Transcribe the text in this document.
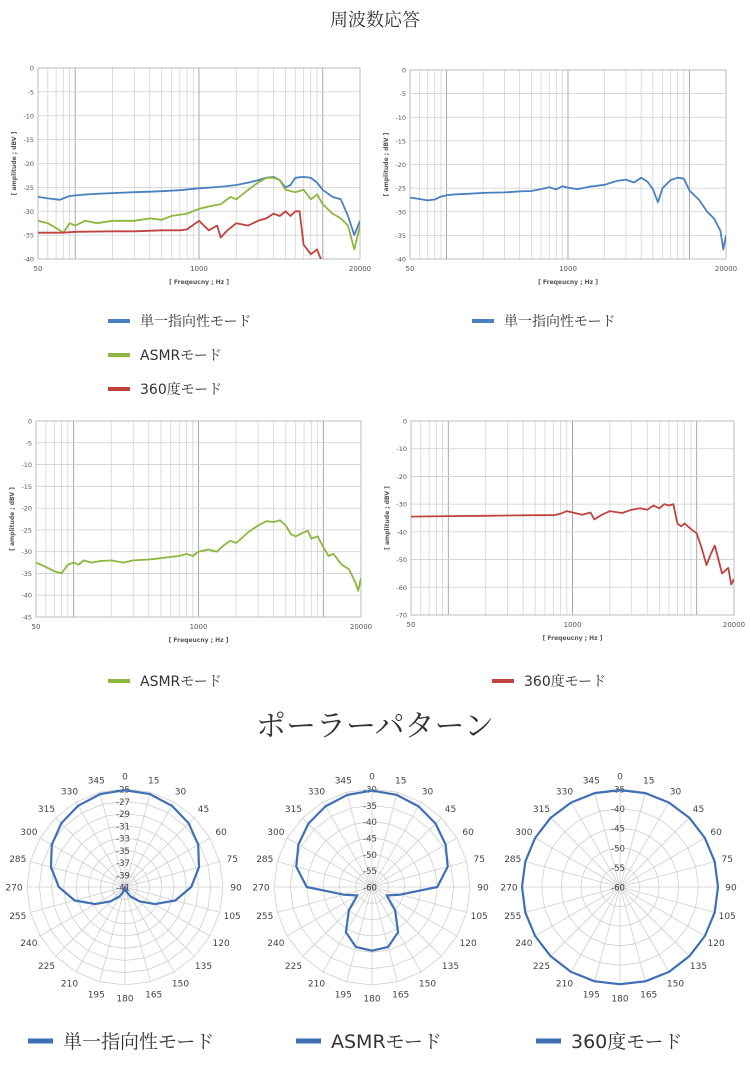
周波数応答
ポーラーパターン
0
-5
-10
-15
-20
-25
-30
-35
-40
50	1000	20000
[ Freqeucny ; Hz ]
[ amplitude ; dBV ]
0
-5
-10
-15
-20
-25
-30
-35
-40
50	1000	20000
[ Freqeucny ; Hz ]
[ amplitude ; dBV ]
0
-5
-10
-15
-20
-25
-30
-35
-40
-45
50	1000	20000
[ Freqeucny ; Hz ]
[ amplitude ; dBV ]
0
-10
-20
-30
-40
-50
-60
-70
50	1000	20000
[ Freqeucny ; Hz ]
[ amplitude ; dBV ]
0 15
30
45
60
75
90
105
120
135
150
165
180
195
210
225
240
255
270
285
300
315
330
345
-25
-27
-29
-31
-33
-35
-37
-39
-41
0 15
30
45
60
75
90
105
120
135
150
165
180
195
210
225
240
255
270
285
300
315
330
345
-30
-35
-40
-45
-50
-55
-60
0 15
30
45
60
75
90
105
120
135
150
165
180
195
210
225
240
255
270
285
300
315
330
345
-35
-40
-45
-50
-55
-60
単一指向性モード
ASMRモード
360度モード
単一指向性モード
ASMRモード	360度モード
単一指向性モード	ASMRモード	360度モード
